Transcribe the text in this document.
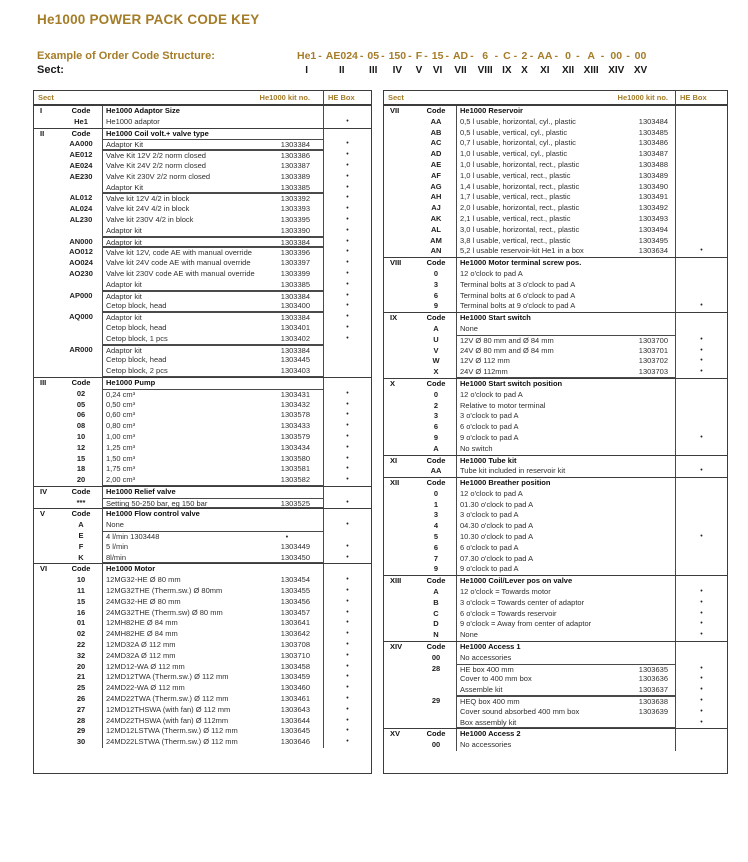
He1000 POWER PACK CODE KEY
Example of Order Code Structure:
Sect:
He1 -
I
AE024 -
II
05 -
III
150 -
IV
F -
V
15 -
VI
AD -
VII
6 -
VIII
C -
IX
2 -
X
AA -
XI
0 -
XII
A -
XIII
00 -
XIV
00
XV
Sect	He1000 kit no.	HE Box
I	Code	He1000 Adaptor Size
He1	He1000 adaptor	•
II	Code	He1000 Coil volt.+ valve type
AA000	Adaptor Kit	1303384	•
AE012	Valve Kit 12V 2/2 norm closed	1303386	•
AE024	Valve Kit 24V 2/2 norm closed	1303387	•
AE230	Valve Kit 230V 2/2 norm closed	1303389	•
Adaptor Kit	1303385	•
AL012	Valve kit 12V 4/2 in block	1303392	•
AL024	Valve kit 24V 4/2 in block	1303393	•
AL230	Valve kit 230V 4/2 in block	1303395	•
Adaptor kit	1303390	•
AN000	Adaptor kit	1303384	•
AO012	Valve kit 12V, code AE with manual override	1303396	•
AO024	Valve kit 24V code AE with manual override	1303397	•
AO230	Valve kit 230V code AE with manual override	1303399	•
Adaptor kit	1303385	•
AP000	Adaptor kit	1303384	•
Cetop block, head	1303400	•
AQ000	Adaptor kit	1303384	•
Cetop block, head	1303401	•
Cetop block, 1 pcs	1303402	•
AR000	Adaptor kit	1303384
Cetop block, head	1303445
Cetop block, 2 pcs	1303403
III	Code	He1000 Pump
02	0,24 cm³	1303431	•
05	0,50 cm³	1303432	•
06	0,60 cm³	1303578	•
08	0,80 cm³	1303433	•
10	1,00 cm³	1303579	•
12	1,25 cm³	1303434	•
15	1,50 cm³	1303580	•
18	1,75 cm³	1303581	•
20	2,00 cm³	1303582	•
IV	Code	He1000 Relief valve
***	Setting 50-250 bar, eg 150 bar	1303525	•
V	Code	He1000 Flow control valve
A	None	•
E	4 l/min 1303448	•
F	5 l/min	1303449	•
K	8l/min	1303450	•
VI	Code	He1000 Motor
10	12MG32-HE Ø 80 mm	1303454	•
11	12MG32THE (Therm.sw.) Ø 80mm	1303455	•
15	24MG32-HE Ø 80 mm	1303456	•
16	24MG32THE (Therm.sw) Ø 80 mm	1303457	•
01	12MH82HE Ø 84 mm	1303641	•
02	24MH82HE Ø 84 mm	1303642	•
22	12MD32A Ø 112 mm	1303708	•
32	24MD32A Ø 112 mm	1303710	•
20	12MD12-WA Ø 112 mm	1303458	•
21	12MD12TWA (Therm.sw.) Ø 112 mm	1303459	•
25	24MD22-WA Ø 112 mm	1303460	•
26	24MD22TWA (Therm.sw.) Ø 112 mm	1303461	•
27	12MD12THSWA (with fan) Ø 112 mm	1303643	•
28	24MD22THSWA (with fan) Ø 112mm	1303644	•
29	12MD12LSTWA (Therm.sw.) Ø 112 mm	1303645	•
30	24MD22LSTWA (Therm.sw.) Ø 112 mm	1303646	•
Sect	He1000 kit no.	HE Box
VII	Code	He1000 Reservoir
AA	0,5 l usable, horizontal, cyl., plastic	1303484
AB	0,5 l usable, vertical, cyl., plastic	1303485
AC	0,7 l usable, horizontal, cyl., plastic	1303486
AD	1,0 l usable, vertical, cyl., plastic	1303487
AE	1,0 l usable, horizontal, rect., plastic	1303488
AF	1,0 l usable, vertical, rect., plastic	1303489
AG	1,4 l usable, horizontal, rect., plastic	1303490
AH	1,7 l usable, vertical, rect., plastic	1303491
AJ	2,0 l usable, horizontal, rect., plastic	1303492
AK	2,1 l usable, vertical, rect., plastic	1303493
AL	3,0 l usable, horizontal, rect., plastic	1303494
AM	3,8 l usable, vertical, rect., plastic	1303495
AN	5,2 l usable reservoir-kit He1 in a box	1303634	•
VIII	Code	He1000 Motor terminal screw pos.
0	12 o'clock to pad A
3	Terminal bolts at 3 o'clock to pad A
6	Terminal bolts at 6 o'clock to pad A
9	Terminal bolts at 9 o'clock to pad A	•
IX	Code	He1000 Start switch
A	None
U	12V Ø 80 mm and Ø 84 mm	1303700	•
V	24V Ø 80 mm and Ø 84 mm	1303701	•
W	12V Ø 112 mm	1303702	•
X	24V Ø 112mm	1303703	•
X	Code	He1000 Start switch position
0	12 o'clock to pad A
2	Relative to motor terminal
3	3 o'clock to pad A
6	6 o'clock to pad A
9	9 o'clock to pad A	•
A	No switch
XI	Code	He1000 Tube kit
AA	Tube kit included in reservoir kit	•
XII	Code	He1000 Breather position
0	12 o'clock to pad A
1	01.30 o'clock to pad A
3	3 o'clock to pad A
4	04.30 o'clock to pad A
5	10.30 o'clock to pad A	•
6	6 o'clock to pad A
7	07.30 o'clock to pad A
9	9 o'clock to pad A
XIII	Code	He1000 Coil/Lever pos on valve
A	12 o'clock = Towards motor	•
B	3 o'clock = Towards center of adaptor	•
C	6 o'clock = Towards reservoir	•
D	9 o'clock = Away from center of adaptor	•
N	None	•
XIV	Code	He1000 Access 1
00	No accessories
28	HE box 400 mm	1303635	•
Cover to 400 mm box	1303636	•
Assemble kit	1303637	•
29	HEQ box 400 mm	1303638	•
Cover sound absorbed 400 mm box	1303639	•
Box assembly kit	•
XV	Code	He1000 Access 2
00	No accessories
